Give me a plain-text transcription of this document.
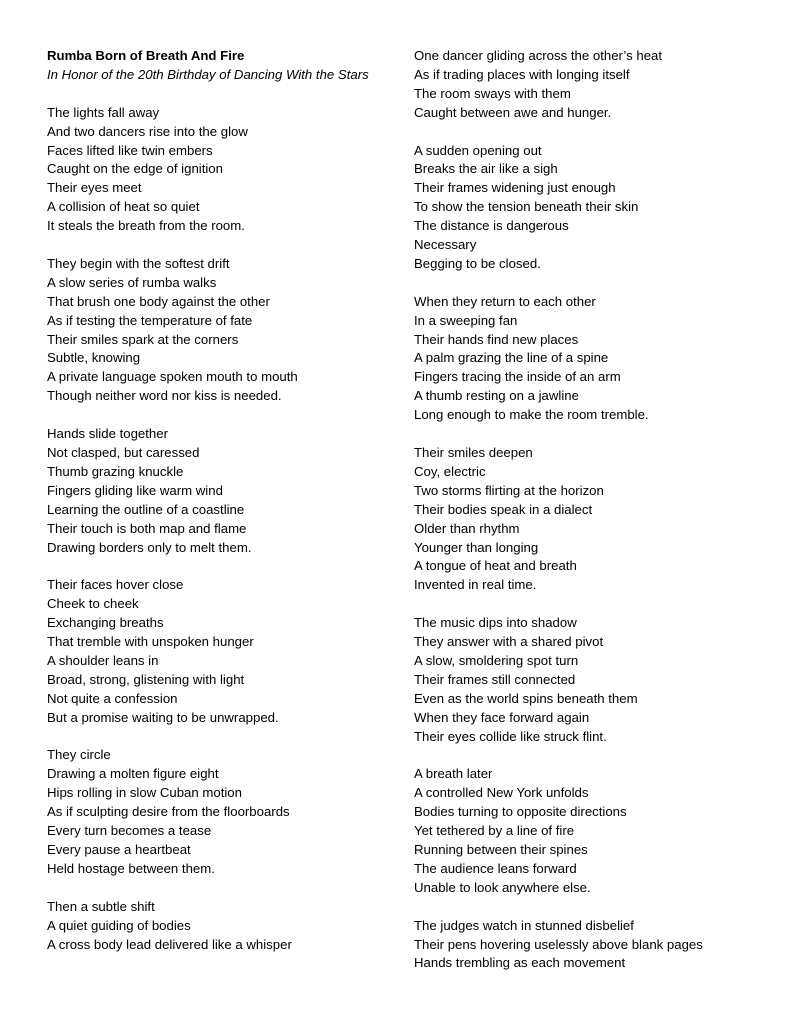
Rumba Born of Breath And Fire
In Honor of the 20th Birthday of Dancing With the Stars
The lights fall away
And two dancers rise into the glow
Faces lifted like twin embers
Caught on the edge of ignition
Their eyes meet
A collision of heat so quiet
It steals the breath from the room.
They begin with the softest drift
A slow series of rumba walks
That brush one body against the other
As if testing the temperature of fate
Their smiles spark at the corners
Subtle, knowing
A private language spoken mouth to mouth
Though neither word nor kiss is needed.
Hands slide together
Not clasped, but caressed
Thumb grazing knuckle
Fingers gliding like warm wind
Learning the outline of a coastline
Their touch is both map and flame
Drawing borders only to melt them.
Their faces hover close
Cheek to cheek
Exchanging breaths
That tremble with unspoken hunger
A shoulder leans in
Broad, strong, glistening with light
Not quite a confession
But a promise waiting to be unwrapped.
They circle
Drawing a molten figure eight
Hips rolling in slow Cuban motion
As if sculpting desire from the floorboards
Every turn becomes a tease
Every pause a heartbeat
Held hostage between them.
Then a subtle shift
A quiet guiding of bodies
A cross body lead delivered like a whisper
One dancer gliding across the other’s heat
As if trading places with longing itself
The room sways with them
Caught between awe and hunger.
A sudden opening out
Breaks the air like a sigh
Their frames widening just enough
To show the tension beneath their skin
The distance is dangerous
Necessary
Begging to be closed.
When they return to each other
In a sweeping fan
Their hands find new places
A palm grazing the line of a spine
Fingers tracing the inside of an arm
A thumb resting on a jawline
Long enough to make the room tremble.
Their smiles deepen
Coy, electric
Two storms flirting at the horizon
Their bodies speak in a dialect
Older than rhythm
Younger than longing
A tongue of heat and breath
Invented in real time.
The music dips into shadow
They answer with a shared pivot
A slow, smoldering spot turn
Their frames still connected
Even as the world spins beneath them
When they face forward again
Their eyes collide like struck flint.
A breath later
A controlled New York unfolds
Bodies turning to opposite directions
Yet tethered by a line of fire
Running between their spines
The audience leans forward
Unable to look anywhere else.
The judges watch in stunned disbelief
Their pens hovering uselessly above blank pages
Hands trembling as each movement
